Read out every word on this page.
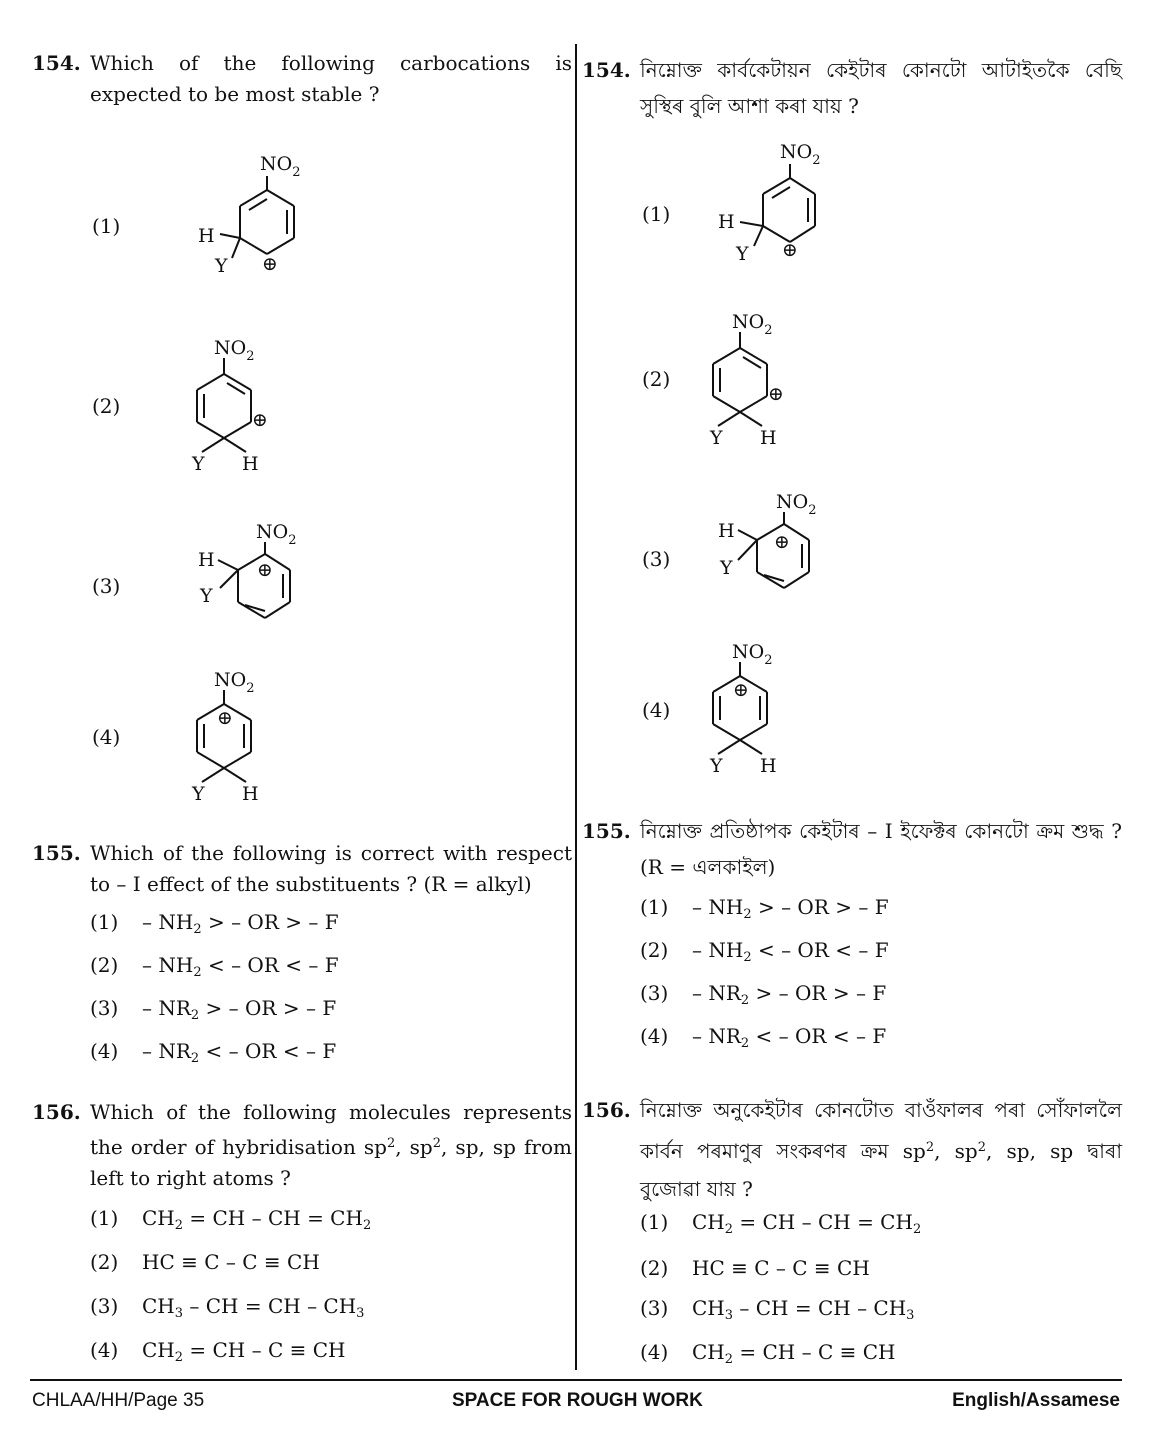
154. Which of the following carbocations is expected to be most stable ?
(1)
(2)
(3)
(4)
$NO_2$
H
Y ⊕
$NO_2$
⊕
Y H
$NO_2$
H
Y
⊕
$NO_2$
⊕
Y H
155. Which of the following is correct with respect to – I effect of the substituents ? (R = alkyl)
$(1) - NH_2$ > – OR > – F
$(2) - NH_2$ < – OR < – F
$(3) - NR_2$ > – OR > – F
$(4) - NR_2$ < – OR < – F
156. Which of the following molecules represents the order of hybridisation $sp^2$, $sp^2$, sp, sp from left to right atoms ?
(1) $CH_2$ = CH – CH = $CH_2$
(2) HC ≡ C – C ≡ CH
(3) $CH_3$ – CH = CH – $CH_3$
(4) $CH_2$ = CH – C ≡ CH
154. নিম্নোক্ত কাৰ্বকেটায়ন কেইটাৰ কোনটো আটাইতকৈ বেছি সুস্থিৰ বুলি আশা কৰা যায় ?
(1)
(2)
(3)
(4)
$NO_2$
H
Y ⊕
$NO_2$
⊕
Y H
$NO_2$
H
Y
⊕
$NO_2$
⊕
Y H
155. নিম্নোক্ত প্ৰতিষ্ঠাপক কেইটাৰ – I ইফেক্টৰ কোনটো ক্ৰম শুদ্ধ ? (R = এলকাইল)
$(1) - NH_2$ > – OR > – F
$(2) - NH_2$ < – OR < – F
$(3) - NR_2$ > – OR > – F
$(4) - NR_2$ < – OR < – F
156. নিম্নোক্ত অনুকেইটাৰ কোনটোত বাওঁফালৰ পৰা সোঁফাললৈ কাৰ্বন পৰমাণুৰ সংকৰণৰ ক্ৰম $sp^2$, $sp^2$, sp, sp দ্বাৰা বুজোৱা যায় ?
(1) $CH_2$ = CH – CH = $CH_2$
(2) HC ≡ C – C ≡ CH
(3) $CH_3$ – CH = CH – $CH_3$
(4) $CH_2$ = CH – C ≡ CH
CHLAA/HH/Page 35	SPACE FOR ROUGH WORK	English/Assamese
